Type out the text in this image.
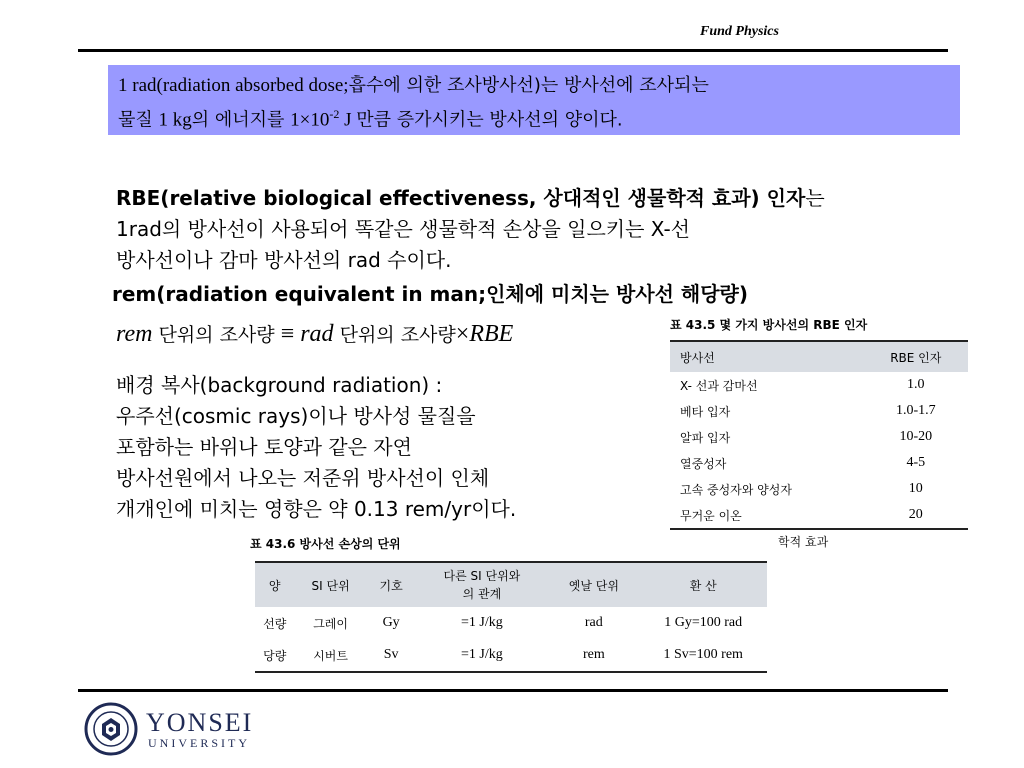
Fund Physics
1 rad(radiation absorbed dose;흡수에 의한 조사방사선)는 방사선에 조사되는
물질 1 kg의 에너지를 $1\times 10^{-2}$ J 만큼 증가시키는 방사선의 양이다.
RBE(relative biological effectiveness, 상대적인 생물학적 효과) 인자는
1rad의 방사선이 사용되어 똑같은 생물학적 손상을 일으키는 X-선
방사선이나 감마 방사선의 rad 수이다.
rem(radiation equivalent in man;인체에 미치는 방사선 해당량)
rem 단위의 조사량 ≡ rad 단위의 조사량×RBE
배경 복사(background radiation) :
우주선(cosmic rays)이나 방사성 물질을
포함하는 바위나 토양과 같은 자연
방사선원에서 나오는 저준위 방사선이 인체
개개인에 미치는 영향은 약 0.13 rem/yr이다.
표 43.5 몇 가지 방사선의 RBE 인자
방사선	RBE 인자
X- 선과 감마선	1.0
베타 입자	1.0-1.7
알파 입자	10-20
열중성자	4-5
고속 중성자와 양성자	10
무거운 이온	20
학적 효과
표 43.6 방사선 손상의 단위
양	SI 단위	기호	다른 SI 단위와
의 관계	옛날 단위	환 산
선량	그레이	Gy	=1 J/kg	rad	1 Gy=100 rad
당량	시버트	Sv	=1 J/kg	rem	1 Sv=100 rem
YONSEI
UNIVERSITY
